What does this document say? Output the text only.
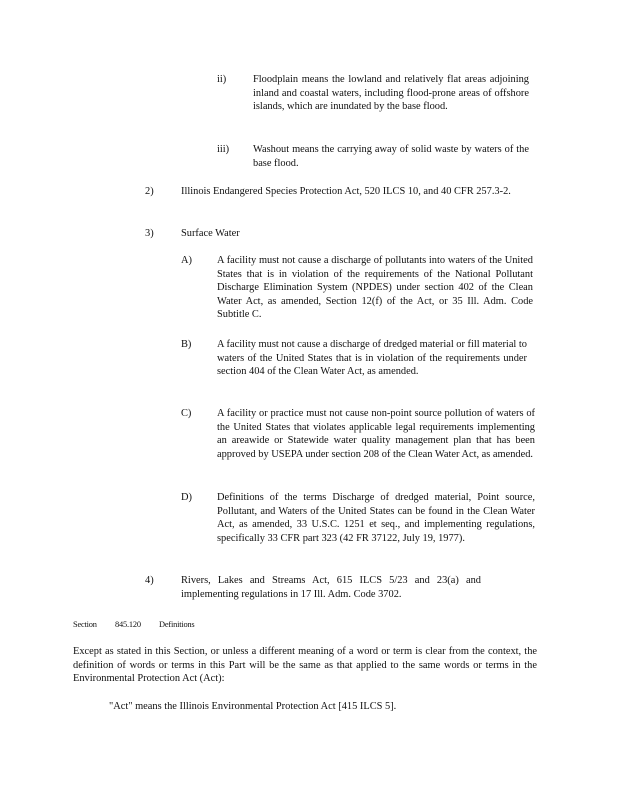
ii)	Floodplain means the lowland and relatively flat areas adjoining inland and coastal waters, including flood-prone areas of offshore islands, which are inundated by the base flood.
iii) Washout means the carrying away of solid waste by waters of the base flood.
2)	Illinois Endangered Species Protection Act, 520 ILCS 10, and 40 CFR 257.3-2.
3)	Surface Water
A) A facility must not cause a discharge of pollutants into waters of the United States that is in violation of the requirements of the National Pollutant Discharge Elimination System (NPDES) under section 402 of the Clean Water Act, as amended, Section 12(f) of the Act, or 35 Ill. Adm. Code Subtitle C.
B) A facility must not cause a discharge of dredged material or fill material to waters of the United States that is in violation of the requirements under section 404 of the Clean Water Act, as amended.
C) A facility or practice must not cause non-point source pollution of waters of the United States that violates applicable legal requirements implementing an areawide or Statewide water quality management plan that has been approved by USEPA under section 208 of the Clean Water Act, as amended.
D) Definitions of the terms Discharge of dredged material, Point source, Pollutant, and Waters of the United States can be found in the Clean Water Act, as amended, 33 U.S.C. 1251 et seq., and implementing regulations, specifically 33 CFR part 323 (42 FR 37122, July 19, 1977).
4)	Rivers, Lakes and Streams Act, 615 ILCS 5/23 and 23(a) and implementing regulations in 17 Ill. Adm. Code 3702.
Section 845.120 Definitions
Except as stated in this Section, or unless a different meaning of a word or term is clear from the context, the definition of words or terms in this Part will be the same as that applied to the same words or terms in the Environmental Protection Act (Act):
"Act" means the Illinois Environmental Protection Act [415 ILCS 5].
